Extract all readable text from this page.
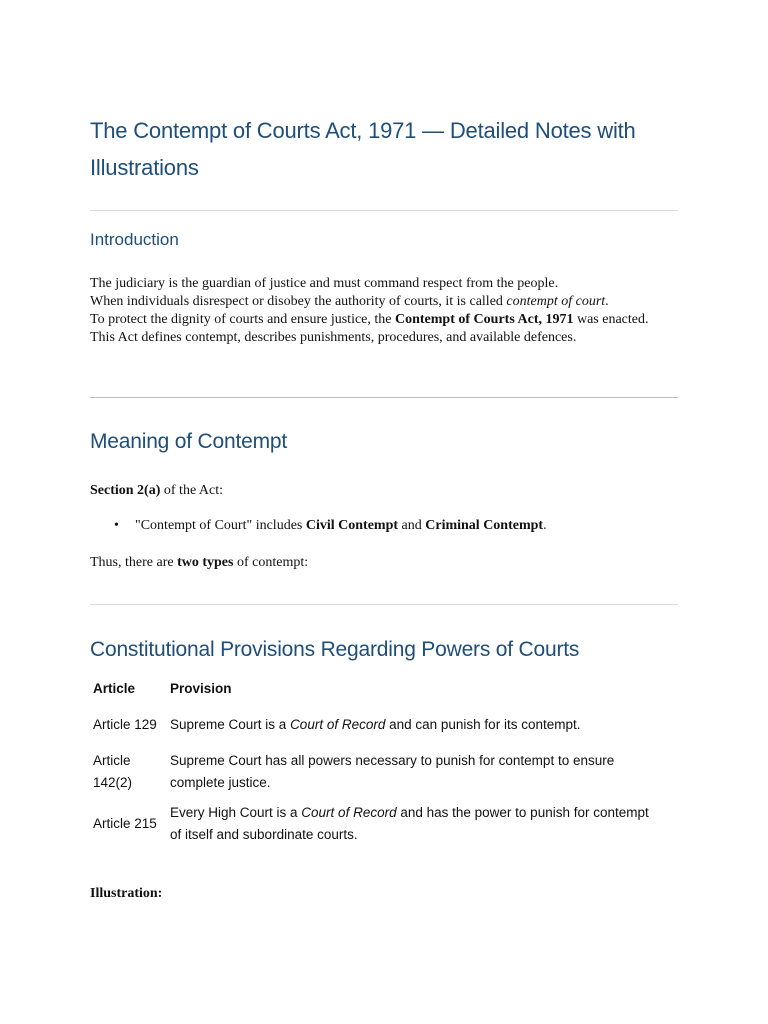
The Contempt of Courts Act, 1971 — Detailed Notes with Illustrations
Introduction
The judiciary is the guardian of justice and must command respect from the people.
When individuals disrespect or disobey the authority of courts, it is called contempt of court.
To protect the dignity of courts and ensure justice, the Contempt of Courts Act, 1971 was enacted.
This Act defines contempt, describes punishments, procedures, and available defences.
Meaning of Contempt
Section 2(a) of the Act:
• "Contempt of Court" includes Civil Contempt and Criminal Contempt.
Thus, there are two types of contempt:
Constitutional Provisions Regarding Powers of Courts
Article	Provision
Article 129	Supreme Court is a Court of Record and can punish for its contempt.
Article 142(2)	Supreme Court has all powers necessary to punish for contempt to ensure complete justice.
Article 215	Every High Court is a Court of Record and has the power to punish for contempt of itself and subordinate courts.
Illustration:
